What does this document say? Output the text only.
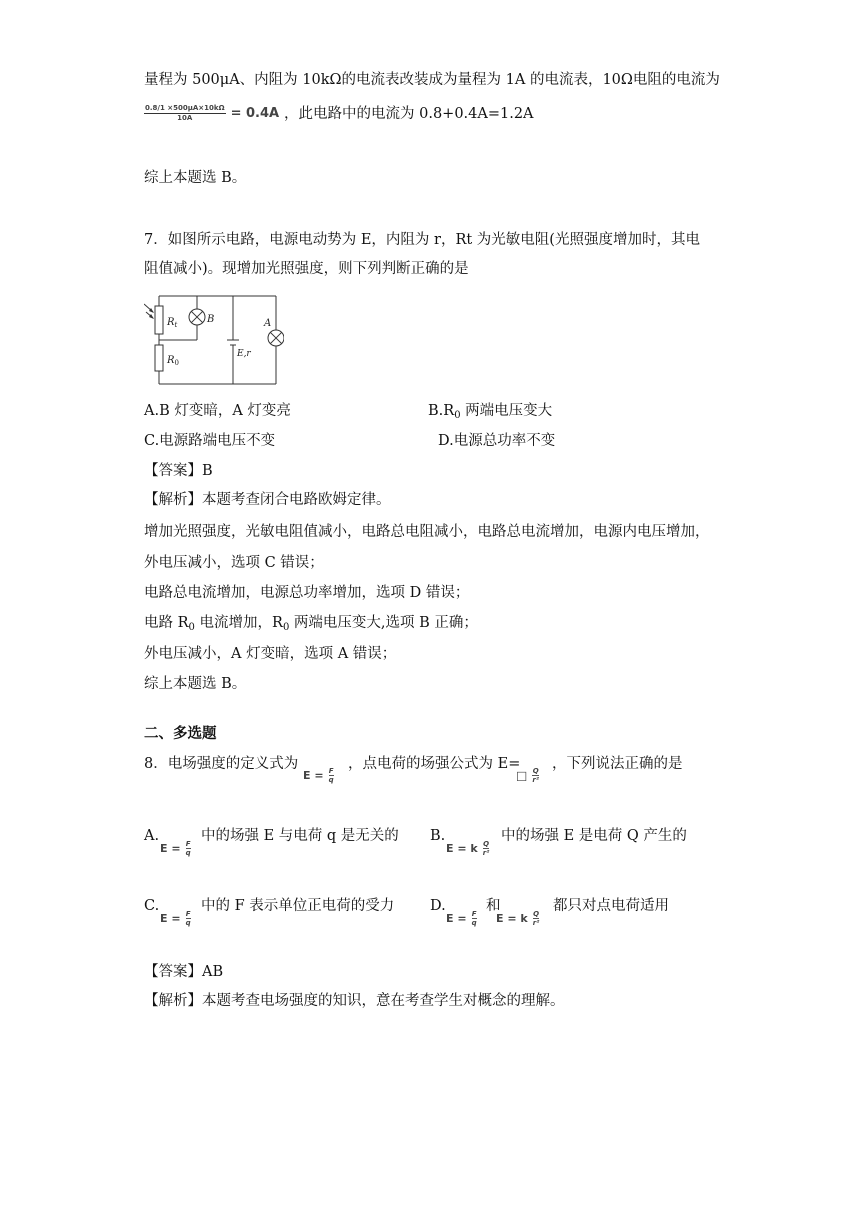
量程为 500μA、内阻为 10kΩ的电流表改装成为量程为 1A 的电流表，10Ω电阻的电流为
$\frac{0.8/1 \times 500\mu A\times 10k\Omega}{10A} = 0.4A$ ，此电路中的电流为 0.8+0.4A=1.2A
综上本题选 B。
7．如图所示电路，电源电动势为 E，内阻为 r，Rt 为光敏电阻(光照强度增加时，其电
阻值减小)。现增加光照强度，则下列判断正确的是
$R_t$	B	A
$R_0$
E,r
A.B 灯变暗，A 灯变亮	$B.R_0$ 两端电压变大
C.电源路端电压不变	D.电源总功率不变
【答案】B
【解析】本题考查闭合电路欧姆定律。
增加光照强度，光敏电阻值减小，电路总电阻减小，电路总电流增加，电源内电压增加，
外电压减小，选项 C 错误；
电路总电流增加，电源总功率增加，选项 D 错误；
电路 $R_0$ 电流增加，$R_0$ 两端电压变大,选项 B 正确；
外电压减小，A 灯变暗，选项 A 错误；
综上本题选 B。
二、多选题
8．电场强度的定义式为
$E = \frac{F}{q}$
，点电荷的场强公式为 E=
□ $\frac{Q}{\text{r²}}$
，下列说法正确的是
A.
$E = \frac{F}{q}$
中的场强 E 与电荷 q 是无关的 B.
E = k $\frac{Q}{\text{r²}}$
中的场强 E 是电荷 Q 产生的
C.
$E = \frac{F}{q}$
中的 F 表示单位正电荷的受力 D.
$E = \frac{F}{q}$
和
E = k $\frac{Q}{\text{r²}}$
都只对点电荷适用
【答案】AB
【解析】本题考查电场强度的知识，意在考查学生对概念的理解。
